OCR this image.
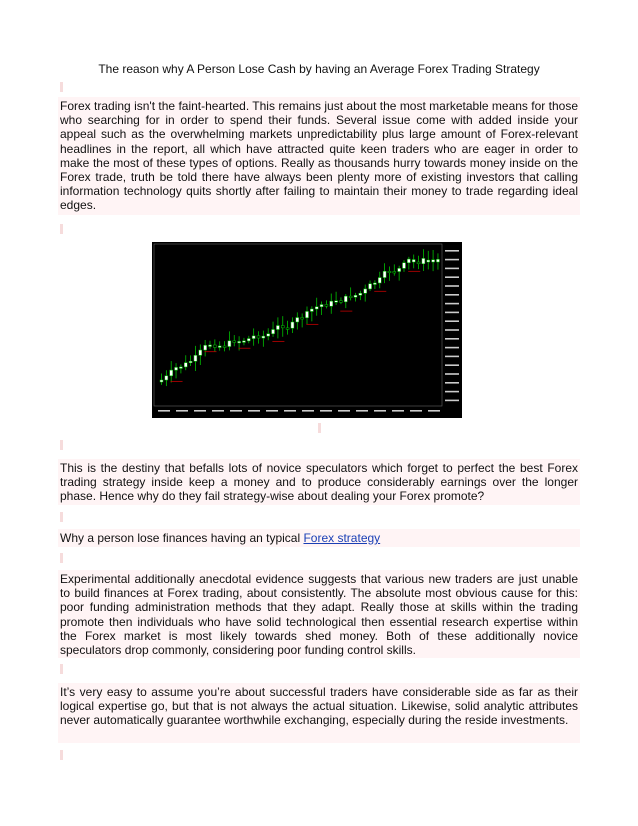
The reason why A Person Lose Cash by having an Average Forex Trading Strategy
Forex trading isn't the faint-hearted. This remains just about the most marketable means for those who searching for in order to spend their funds. Several issue come with added inside your appeal such as the overwhelming markets unpredictability plus large amount of Forex-relevant headlines in the report, all which have attracted quite keen traders who are eager in order to make the most of these types of options. Really as thousands hurry towards money inside on the Forex trade, truth be told there have always been plenty more of existing investors that calling information technology quits shortly after failing to maintain their money to trade regarding ideal edges.
This is the destiny that befalls lots of novice speculators which forget to perfect the best Forex trading strategy inside keep a money and to produce considerably earnings over the longer phase. Hence why do they fail strategy-wise about dealing your Forex promote?
Why a person lose finances having an typical Forex strategy
Experimental additionally anecdotal evidence suggests that various new traders are just unable to build finances at Forex trading, about consistently. The absolute most obvious cause for this: poor funding administration methods that they adapt. Really those at skills within the trading promote then individuals who have solid technological then essential research expertise within the Forex market is most likely towards shed money. Both of these additionally novice speculators drop commonly, considering poor funding control skills.
It’s very easy to assume you’re about successful traders have considerable side as far as their logical expertise go, but that is not always the actual situation. Likewise, solid analytic attributes never automatically guarantee worthwhile exchanging, especially during the reside investments.
